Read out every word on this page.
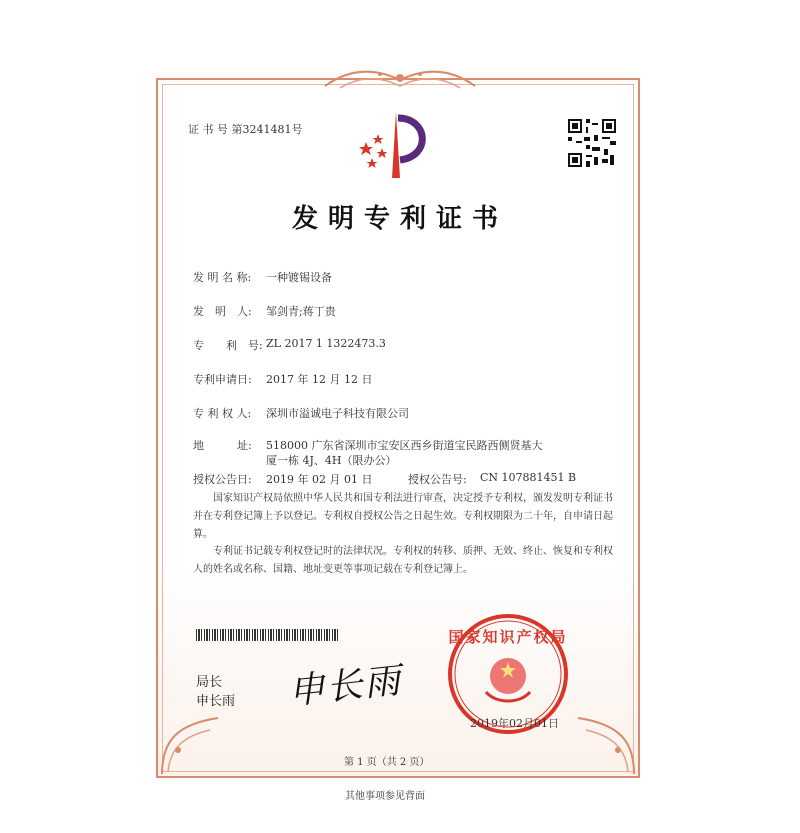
证 书 号 第3241481号
发明专利证书
发 明 名 称: 一种镀锡设备
发　明　人: 邹剑青;蒋丁贵
专　　利　号: ZL 2017 1 1322473.3
专利申请日: 2017 年 12 月 12 日
专 利 权 人: 深圳市溢诚电子科技有限公司
地　　　址: 518000 广东省深圳市宝安区西乡街道宝民路西侧贤基大
厦一栋 4J、4H（限办公）
授权公告日: 2019 年 02 月 01 日	授权公告号: CN 107881451 B
国家知识产权局依照中华人民共和国专利法进行审查，决定授予专利权，颁发发明专利证书并在专利登记簿上予以登记。专利权自授权公告之日起生效。专利权期限为二十年，自申请日起算。
专利证书记载专利权登记时的法律状况。专利权的转移、质押、无效、终止、恢复和专利权人的姓名或名称、国籍、地址变更等事项记载在专利登记簿上。
局长
申长雨 申长雨
国家知识产权局
2019年02月01日
第 1 页（共 2 页）
其他事项参见背面
